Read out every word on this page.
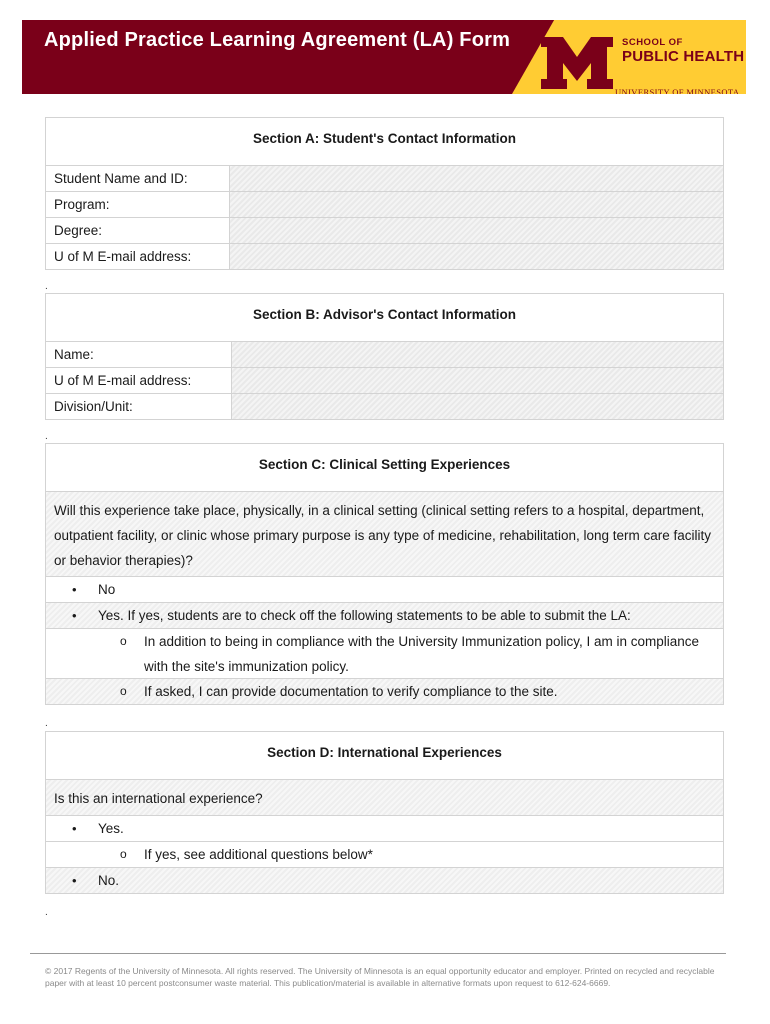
Applied Practice Learning Agreement (LA) Form	SCHOOL OF
PUBLIC HEALTH
UNIVERSITY OF MINNESOTA
Section A: Student's Contact Information
Student Name and ID:
Program:
Degree:
U of M E-mail address:
.
Section B: Advisor's Contact Information
Name:
U of M E-mail address:
Division/Unit:
.
Section C: Clinical Setting Experiences
Will this experience take place, physically, in a clinical setting (clinical setting refers to a hospital, department, outpatient facility, or clinic whose primary purpose is any type of medicine, rehabilitation, long term care facility or behavior therapies)?
•	No
•	Yes. If yes, students are to check off the following statements to be able to submit the LA:
o	In addition to being in compliance with the University Immunization policy, I am in compliance with the site's immunization policy.
o	If asked, I can provide documentation to verify compliance to the site.
.
Section D: International Experiences
Is this an international experience?
•	Yes.
o	If yes, see additional questions below*
•	No.
.
© 2017 Regents of the University of Minnesota. All rights reserved. The University of Minnesota is an equal opportunity educator and employer. Printed on recycled and recyclable paper with at least 10 percent postconsumer waste material. This publication/material is available in alternative formats upon request to 612-624-6669.
